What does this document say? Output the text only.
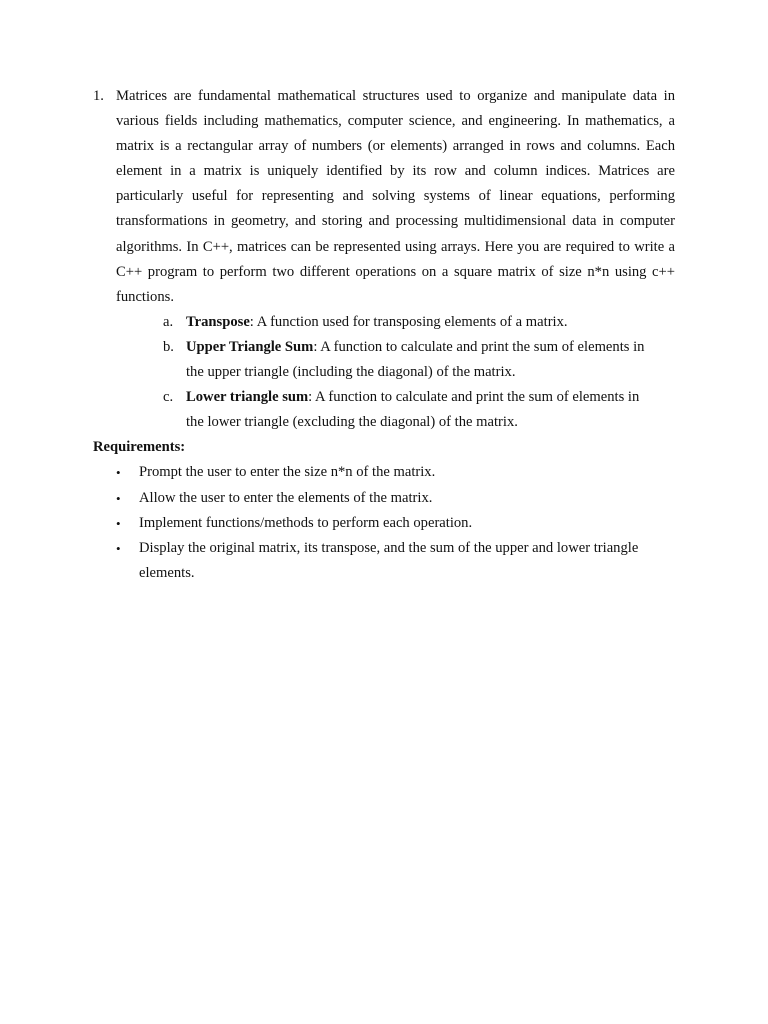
1. Matrices are fundamental mathematical structures used to organize and manipulate data in various fields including mathematics, computer science, and engineering. In mathematics, a matrix is a rectangular array of numbers (or elements) arranged in rows and columns. Each element in a matrix is uniquely identified by its row and column indices. Matrices are particularly useful for representing and solving systems of linear equations, performing transformations in geometry, and storing and processing multidimensional data in computer algorithms. In C++, matrices can be represented using arrays. Here you are required to write a C++ program to perform two different operations on a square matrix of size n*n using c++ functions.
a. Transpose: A function used for transposing elements of a matrix.
b. Upper Triangle Sum: A function to calculate and print the sum of elements in the upper triangle (including the diagonal) of the matrix.
c. Lower triangle sum: A function to calculate and print the sum of elements in the lower triangle (excluding the diagonal) of the matrix.
Requirements:
• Prompt the user to enter the size n*n of the matrix.
• Allow the user to enter the elements of the matrix.
• Implement functions/methods to perform each operation.
• Display the original matrix, its transpose, and the sum of the upper and lower triangle elements.
